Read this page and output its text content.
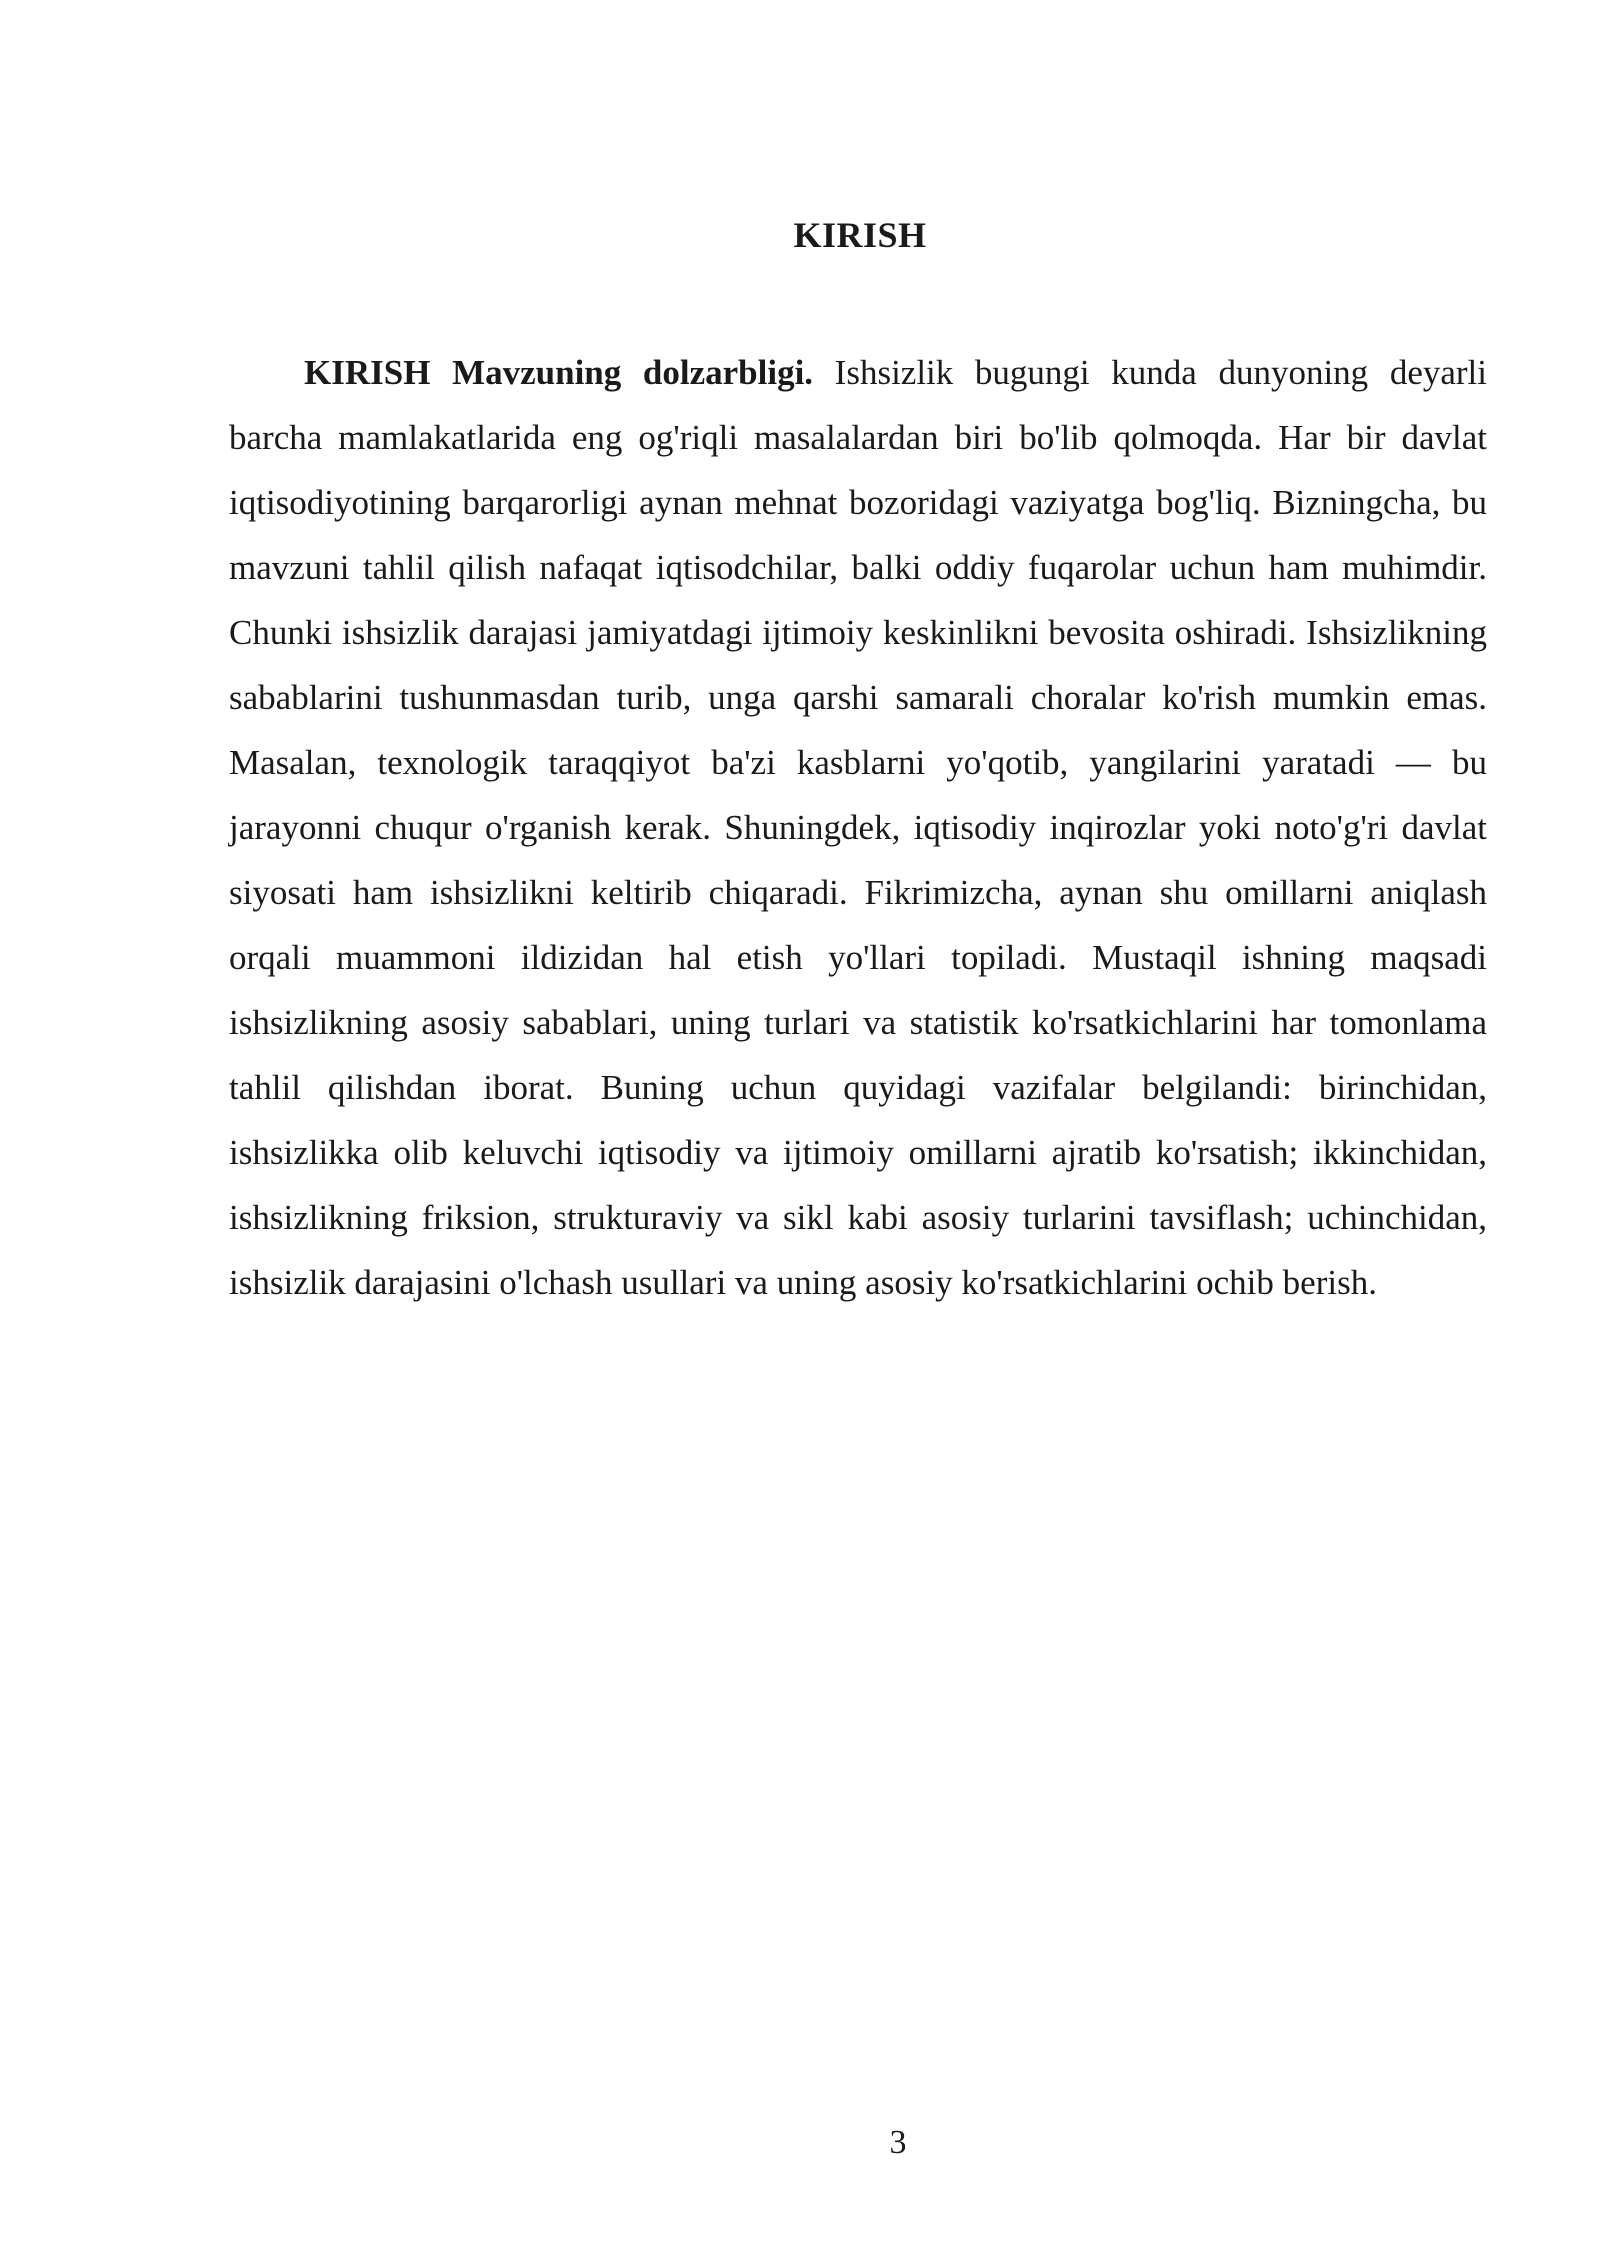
KIRISH

KIRISH Mavzuning dolzarbligi. Ishsizlik bugungi kunda dunyoning deyarli barcha mamlakatlarida eng og'riqli masalalardan biri bo'lib qolmoqda. Har bir davlat iqtisodiyotining barqarorligi aynan mehnat bozoridagi vaziyatga bog'liq. Bizningcha, bu mavzuni tahlil qilish nafaqat iqtisodchilar, balki oddiy fuqarolar uchun ham muhimdir. Chunki ishsizlik darajasi jamiyatdagi ijtimoiy keskinlikni bevosita oshiradi. Ishsizlikning sabablarini tushunmasdan turib, unga qarshi samarali choralar ko'rish mumkin emas. Masalan, texnologik taraqqiyot ba'zi kasblarni yo'qotib, yangilarini yaratadi — bu jarayonni chuqur o'rganish kerak. Shuningdek, iqtisodiy inqirozlar yoki noto'g'ri davlat siyosati ham ishsizlikni keltirib chiqaradi. Fikrimizcha, aynan shu omillarni aniqlash orqali muammoni ildizidan hal etish yo'llari topiladi. Mustaqil ishning maqsadi ishsizlikning asosiy sabablari, uning turlari va statistik ko'rsatkichlarini har tomonlama tahlil qilishdan iborat. Buning uchun quyidagi vazifalar belgilandi: birinchidan, ishsizlikka olib keluvchi iqtisodiy va ijtimoiy omillarni ajratib ko'rsatish; ikkinchidan, ishsizlikning friksion, strukturaviy va sikl kabi asosiy turlarini tavsiflash; uchinchidan, ishsizlik darajasini o'lchash usullari va uning asosiy ko'rsatkichlarini ochib berish.

3
